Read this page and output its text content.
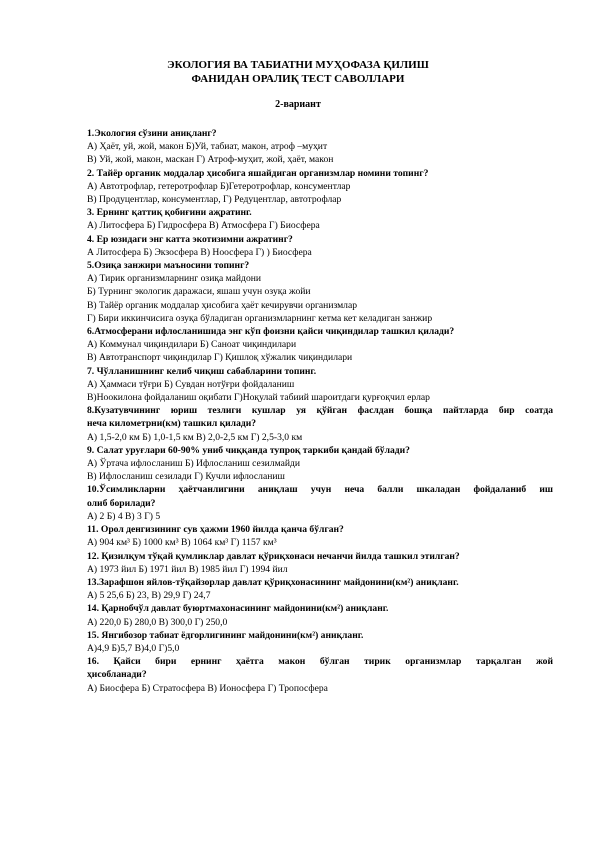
ЭКОЛОГИЯ ВА ТАБИАТНИ МУҲОФАЗА ҚИЛИШ
ФАНИДАН ОРАЛИҚ ТЕСТ САВОЛЛАРИ
2-вариант
1.Экология сўзини аниқланг?
А) Ҳаёт, уй, жой, макон Б)Уй, табиат, макон, атроф –муҳит
В) Уй, жой, макон, маскан Г) Атроф-муҳит, жой, ҳаёт, макон
2. Тайёр органик моддалар ҳисобига яшайдиган организмлар номини топинг?
А) Автотрофлар, гетеротрофлар Б)Гетеротрофлар, консументлар
В) Продуцентлар, консументлар, Г) Редуцентлар, автотрофлар
3. Ернинг қаттиқ қобиғини аҗратинг.
А) Литосфера Б) Гидросфера В) Атмосфера Г) Биосфера
4. Ер юзидаги энг катта экотизимни ажратинг?
А Литосфера Б) Экзосфера В) Ноосфера Г) ) Биосфера
5.Озиқа занжири маъносини топинг?
А) Тирик организмларнинг озиқа майдони
Б) Турнинг экологик даражаси, яшаш учун озуқа жойи
В) Тайёр органик моддалар ҳисобига ҳаёт кечирувчи организмлар
Г) Бири иккинчисига озуқа бўладиган организмларнинг кетма кет келадиган занжир
6.Атмосферани ифлосланишида энг кўп фоизни қайси чиқиндилар ташкил қилади?
А) Коммунал чиқиндилари Б) Саноат чиқиндилари
В) Автотранспорт чиқиндилар Г) Қишлоқ хўжалик чиқиндилари
7. Чўлланишнинг келиб чиқиш сабабларини топинг.
А) Ҳаммаси тўғри Б) Сувдан нотўғри фойдаланиш
В)Ноокилона фойдаланиш оқибати Г)Ноқулай табиий шароитдаги қурғоқчил ерлар
8.Кузатувчининг юриш тезлиги кушлар уя қўйган фаслдан бошқа пайтларда бир соатда
неча километрни(км) ташкил қилади?
А) 1,5-2,0 км Б) 1,0-1,5 км В) 2,0-2,5 км Г) 2,5-3,0 км
9. Салат уруғлари 60-90% униб чиққанда тупроқ таркиби қандай бўлади?
А) Ўртача ифлосланиш Б) Ифлосланиш сезилмайди
В) Ифлосланиш сезилади Г) Кучли ифлосланиш
10.Ўсимликларни ҳаётчанлигини аниқлаш учун неча балли шкаладан фойдаланиб иш
олиб борилади?
А) 2 Б) 4 В) 3 Г) 5
11. Орол денгизининг сув ҳажми 1960 йилда қанча бўлган?
А) 904 км³ Б) 1000 км³ В) 1064 км³ Г) 1157 км³
12. Қизилқум тўқай қумликлар давлат қўриқхонаси нечанчи йилда ташкил этилган?
А) 1973 йил Б) 1971 йил В) 1985 йил Г) 1994 йил
13.Зарафшон яйлов-тўқайзорлар давлат қўриқхонасининг майдонини(км²) аниқланг.
А) 5 25,6 Б) 23, В) 29,9 Г) 24,7
14. Қарнобчўл давлат буюртмахонасининг майдонини(км²) аниқланг.
А) 220,0 Б) 280,0 В) 300,0 Г) 250,0
15. Янгибозор табиат ёдгорлигининг майдонини(км²) аниқланг.
А)4,9 Б)5,7 В)4,0 Г)5,0
16. Қайси бири ернинг ҳаётга макон бўлган тирик организмлар тарқалган жой
ҳисобланади?
А) Биосфера Б) Стратосфера В) Ионосфера Г) Тропосфера
